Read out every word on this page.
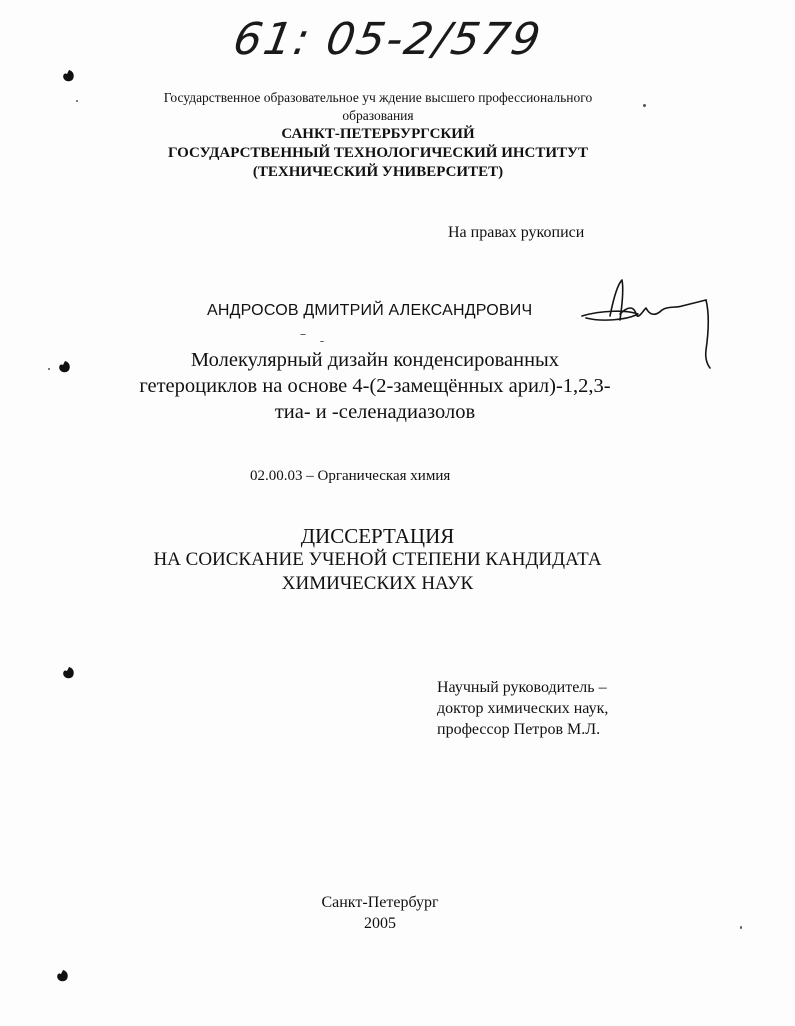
61: 05-2/579
Государственное образовательное уч ждение высшего профессионального
образования
САНКТ-ПЕТЕРБУРГСКИЙ
ГОСУДАРСТВЕННЫЙ ТЕХНОЛОГИЧЕСКИЙ ИНСТИТУТ
(ТЕХНИЧЕСКИЙ УНИВЕРСИТЕТ)
На правах рукописи
АНДРОСОВ ДМИТРИЙ АЛЕКСАНДРОВИЧ
Молекулярный дизайн конденсированных
гетероциклов на основе 4-(2-замещённых арил)-1,2,3-
тиа- и -селенадиазолов
02.00.03 – Органическая химия
ДИССЕРТАЦИЯ
НА СОИСКАНИЕ УЧЕНОЙ СТЕПЕНИ КАНДИДАТА
ХИМИЧЕСКИХ НАУК
Научный руководитель –
доктор химических наук,
профессор Петров М.Л.
Санкт-Петербург
2005
